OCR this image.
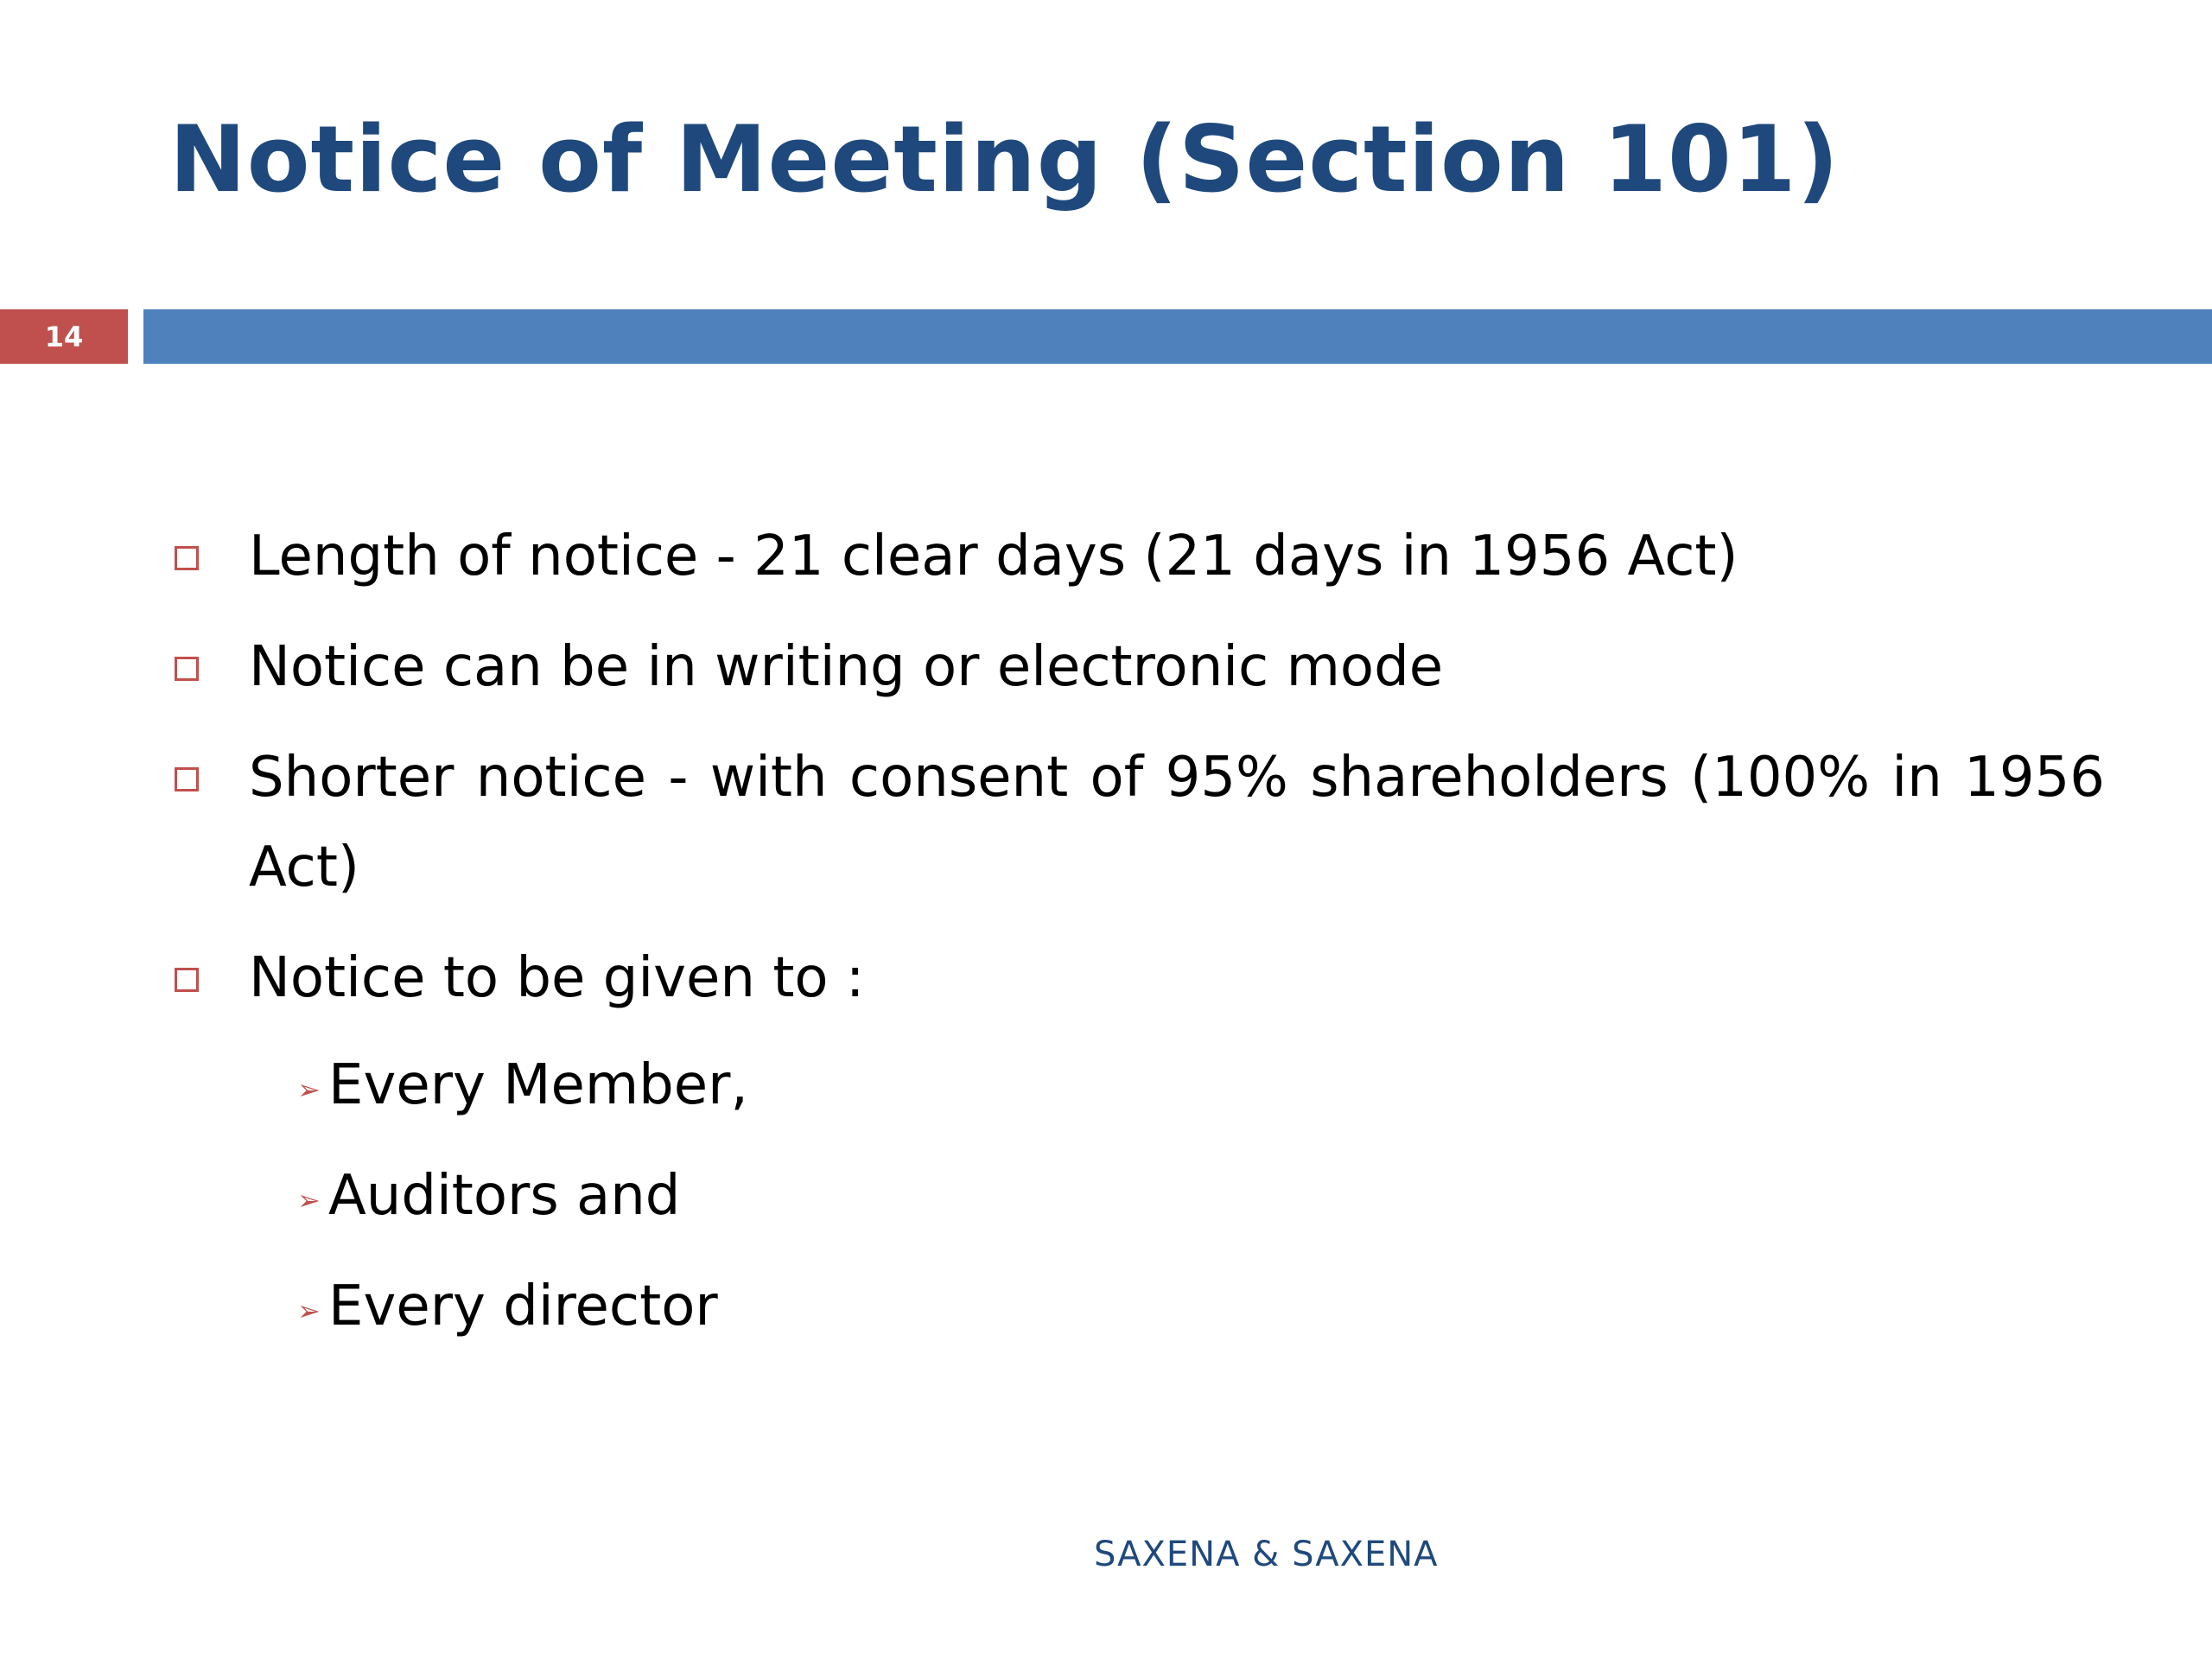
Notice of Meeting (Section 101)
14
Length of notice - 21 clear days (21 days in 1956 Act)
Notice can be in writing or electronic mode
Shorter notice - with consent of 95% shareholders (100% in 1956 Act)
Notice to be given to :
➢ Every Member,
➢ Auditors and
➢ Every director
SAXENA & SAXENA
